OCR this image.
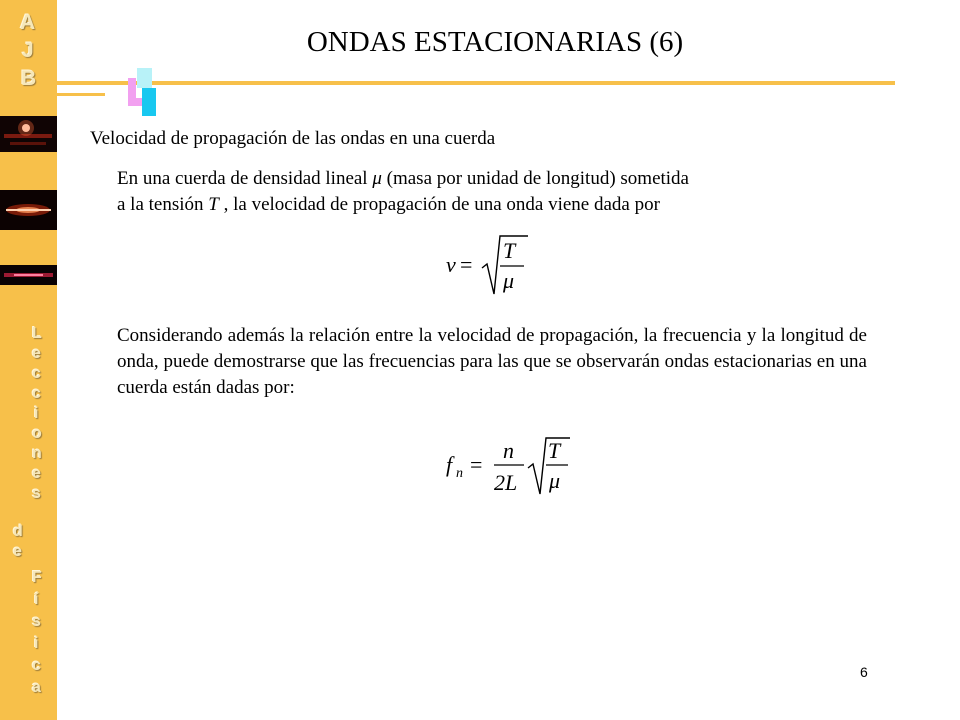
A
J
B
L
e
c
c
i
o
n
e
s
d
e
F
í
s
i
c
a
ONDAS ESTACIONARIAS (6)
Velocidad de propagación de las ondas en una cuerda
En una cuerda de densidad lineal μ (masa por unidad de longitud) sometida
a la tensión T , la velocidad de propagación de una onda viene dada por
v =
T
μ
Considerando además la relación entre la velocidad de propagación, la frecuencia y la longitud de onda, puede demostrarse que las frecuencias para las que se observarán ondas estacionarias en una cuerda están dadas por:
f n =
n
2L
T
μ
6
